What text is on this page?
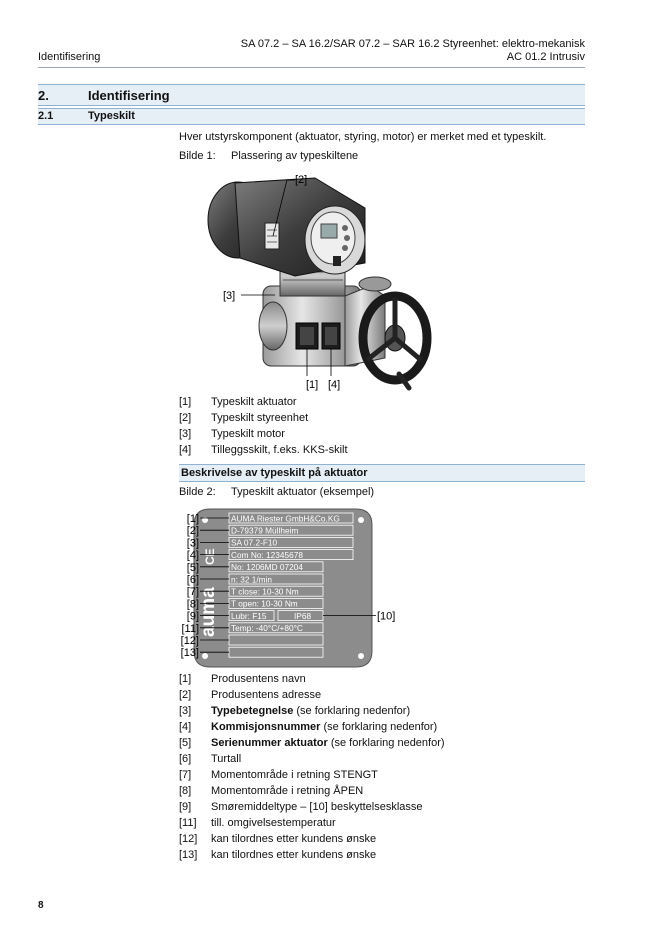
SA 07.2 – SA 16.2/SAR 07.2 – SAR 16.2 Styreenhet: elektro-mekanisk
AC 01.2 Intrusiv
Identifisering
2.	Identifisering
2.1	Typeskilt
Hver utstyrskomponent (aktuator, styring, motor) er merket med et typeskilt.
Bilde 1: Plassering av typeskiltene
[2]
[3]
[1] [4]
[1]	Typeskilt aktuator
[2]	Typeskilt styreenhet
[3]	Typeskilt motor
[4]	Tilleggsskilt, f.eks. KKS-skilt
Beskrivelse av typeskilt på aktuator
Bilde 2: Typeskilt aktuator (eksempel)
auma
CE
AUMA Riester GmbH&Co.KG
D-79379 Müllheim
SA 07.2-F10
Com No: 12345678
No: 1206MD 07204
n: 32 1/min
T close: 10-30 Nm
T open: 10-30 Nm
IP68
Lubr: F15
Temp: -40°C/+80°C
[1]
[2]
[3]
[4]
[5]
[6]
[7]
[8]
[10]
[9]
[11]
[12]
[13]
[1]	Produsentens navn
[2]	Produsentens adresse
[3]	Typebetegnelse (se forklaring nedenfor)
[4]	Kommisjonsnummer (se forklaring nedenfor)
[5]	Serienummer aktuator (se forklaring nedenfor)
[6]	Turtall
[7]	Momentområde i retning STENGT
[8]	Momentområde i retning ÅPEN
[9]	Smøremiddeltype – [10] beskyttelsesklasse
[11]	till. omgivelsestemperatur
[12]	kan tilordnes etter kundens ønske
[13]	kan tilordnes etter kundens ønske
8
